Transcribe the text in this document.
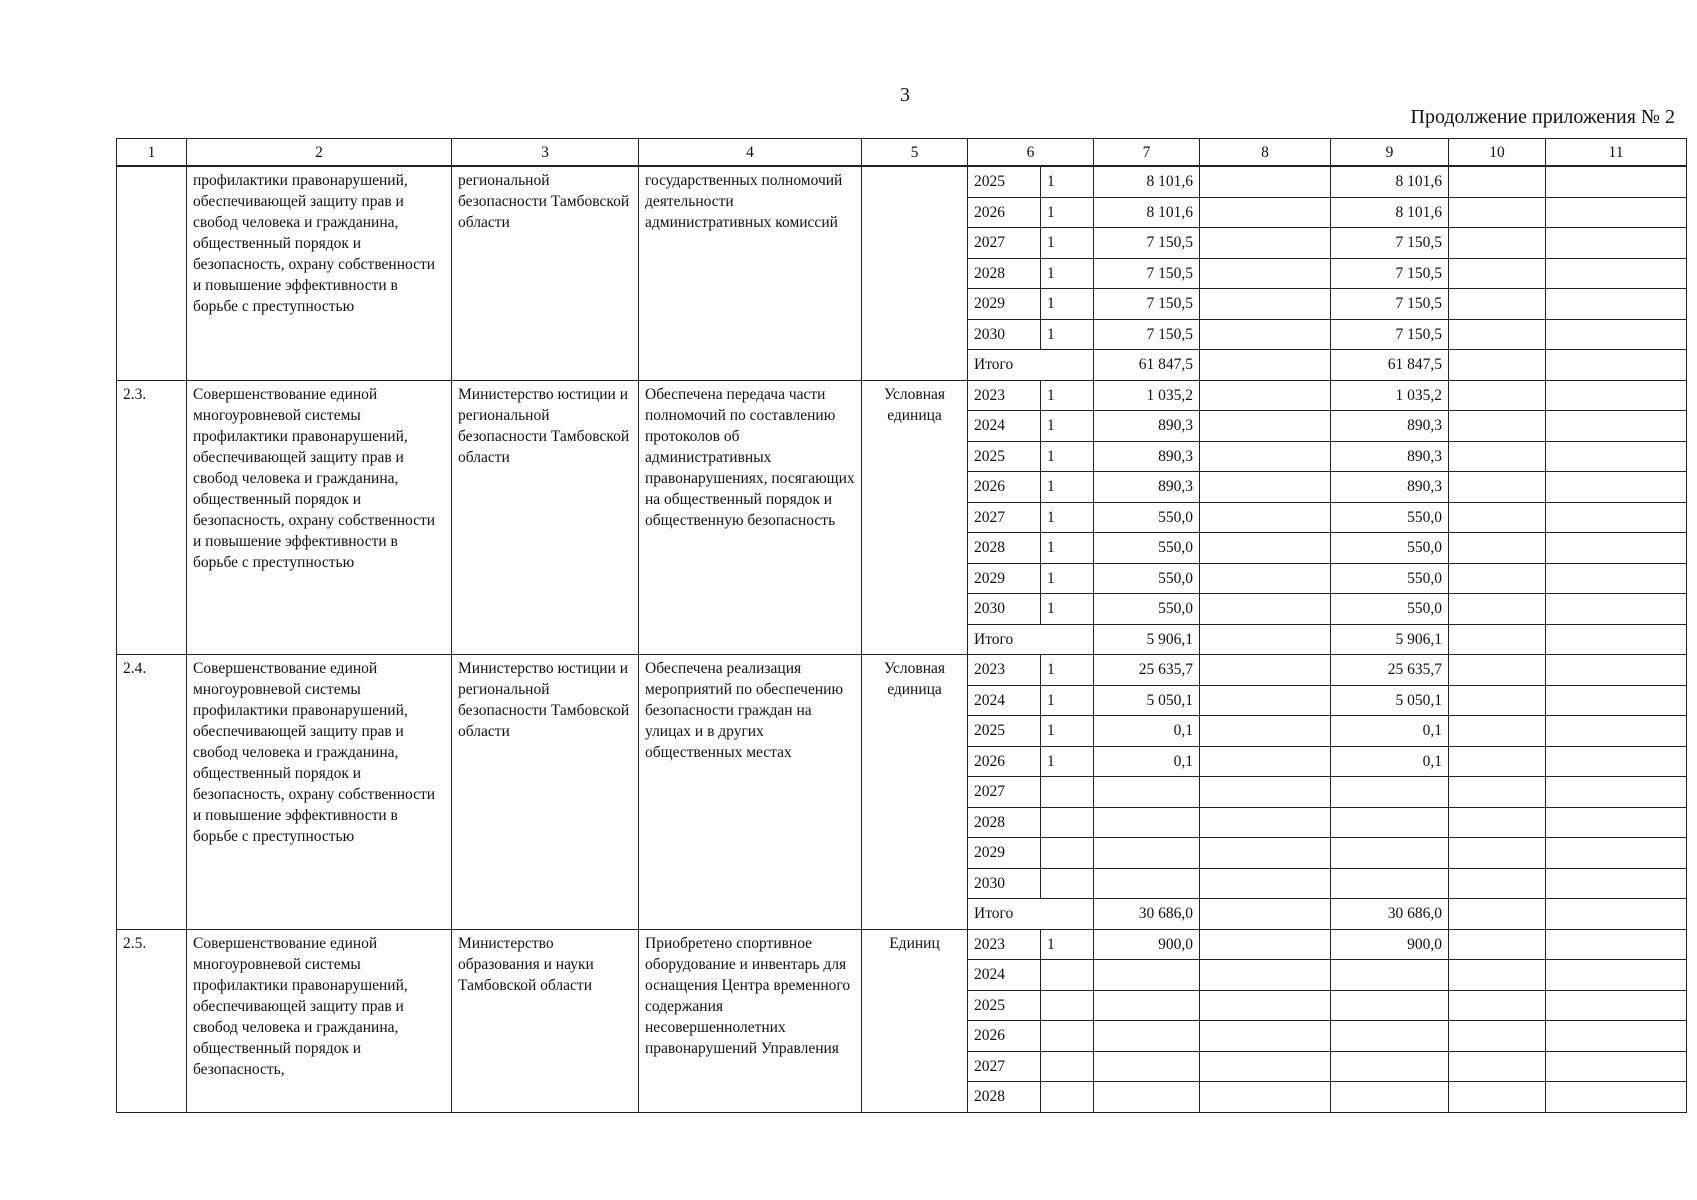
3
Продолжение приложения № 2
1	2	3	4	5	6		7	8	9	10	11
	профилактики правонарушений, обеспечивающей защиту прав и свобод человека и гражданина, общественный порядок и безопасность, охрану собственности и повышение эффективности в борьбе с преступностью	региональной безопасности Тамбовской области	государственных полномочий деятельности административных комиссий		2025	1	8 101,6		8 101,6		
					2026	1	8 101,6		8 101,6		
					2027	1	7 150,5		7 150,5		
					2028	1	7 150,5		7 150,5		
					2029	1	7 150,5		7 150,5		
					2030	1	7 150,5		7 150,5		
					Итого		61 847,5		61 847,5		
2.3.	Совершенствование единой многоуровневой системы профилактики правонарушений, обеспечивающей защиту прав и свобод человека и гражданина, общественный порядок и безопасность, охрану собственности и повышение эффективности в борьбе с преступностью	Министерство юстиции и региональной безопасности Тамбовской области	Обеспечена передача части полномочий по составлению протоколов об административных правонарушениях, посягающих на общественный порядок и общественную безопасность	Условная единица	2023	1	1 035,2		1 035,2		
					2024	1	890,3		890,3		
					2025	1	890,3		890,3		
					2026	1	890,3		890,3		
					2027	1	550,0		550,0		
					2028	1	550,0		550,0		
					2029	1	550,0		550,0		
					2030	1	550,0		550,0		
					Итого		5 906,1		5 906,1		
2.4.	Совершенствование единой многоуровневой системы профилактики правонарушений, обеспечивающей защиту прав и свобод человека и гражданина, общественный порядок и безопасность, охрану собственности и повышение эффективности в борьбе с преступностью	Министерство юстиции и региональной безопасности Тамбовской области	Обеспечена реализация мероприятий по обеспечению безопасности граждан на улицах и в других общественных местах	Условная единица	2023	1	25 635,7		25 635,7		
					2024	1	5 050,1		5 050,1		
					2025	1	0,1		0,1		
					2026	1	0,1		0,1		
					2027						
					2028						
					2029						
					2030						
					Итого		30 686,0		30 686,0		
2.5.	Совершенствование единой многоуровневой системы профилактики правонарушений, обеспечивающей защиту прав и свобод человека и гражданина, общественный порядок и безопасность,	Министерство образования и науки Тамбовской области	Приобретено спортивное оборудование и инвентарь для оснащения Центра временного содержания несовершеннолетних правонарушений Управления	Единиц	2023	1	900,0		900,0		
					2024						
					2025						
					2026						
					2027						
					2028						
